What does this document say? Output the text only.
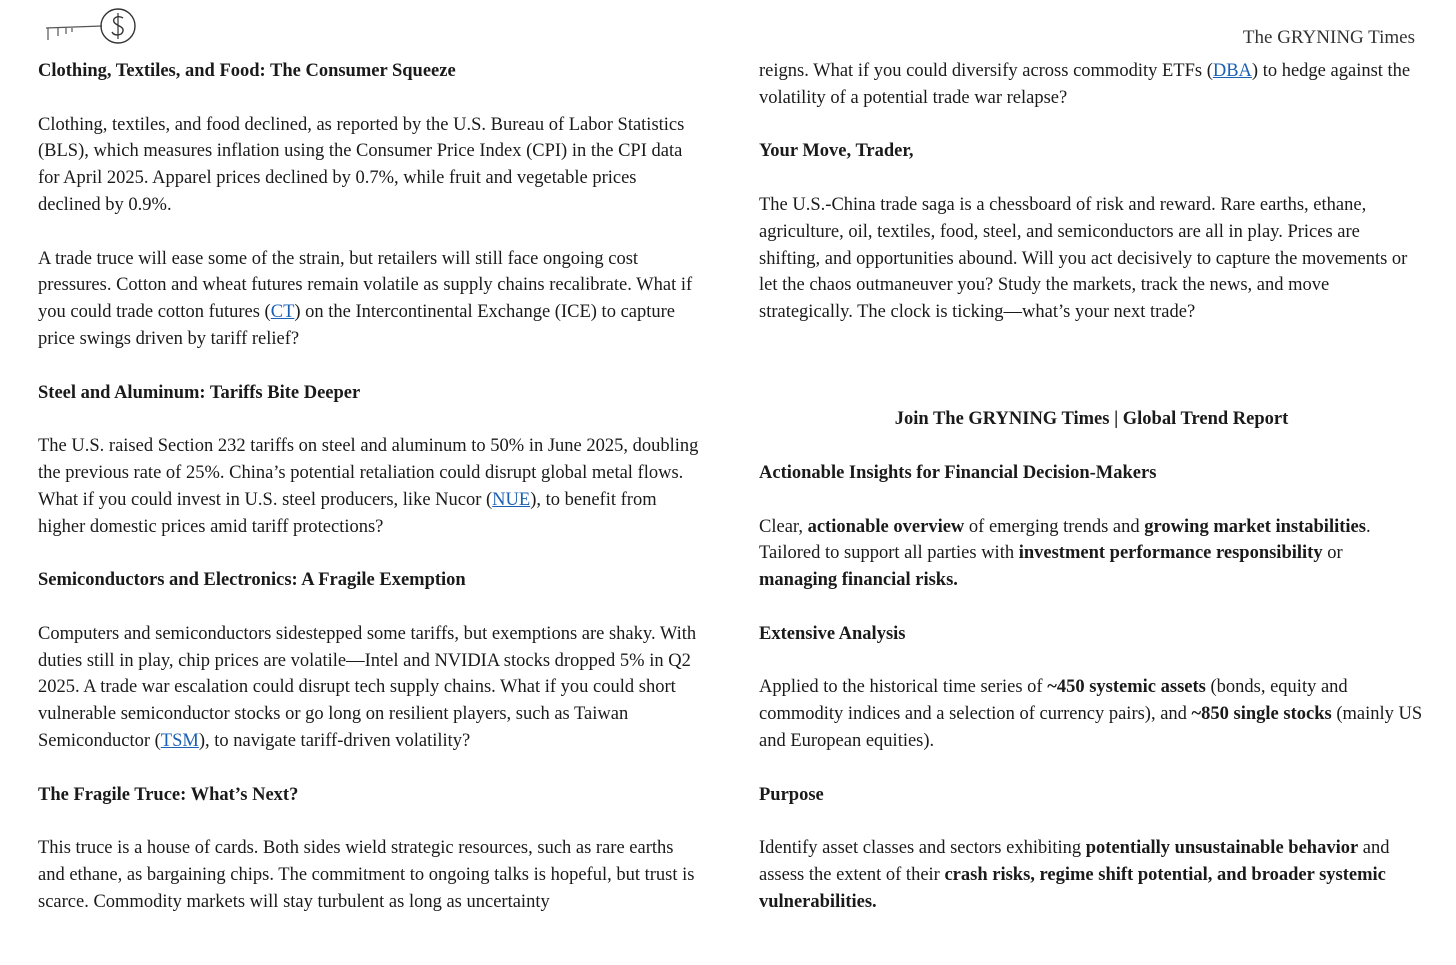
The GRYNING Times

Clothing, Textiles, and Food: The Consumer Squeeze

Clothing, textiles, and food declined, as reported by the U.S. Bureau of Labor Statistics (BLS), which measures inflation using the Consumer Price Index (CPI) in the CPI data for April 2025. Apparel prices declined by 0.7%, while fruit and vegetable prices declined by 0.9%.

A trade truce will ease some of the strain, but retailers will still face ongoing cost pressures. Cotton and wheat futures remain volatile as supply chains recalibrate. What if you could trade cotton futures (CT) on the Intercontinental Exchange (ICE) to capture price swings driven by tariff relief?

Steel and Aluminum: Tariffs Bite Deeper

The U.S. raised Section 232 tariffs on steel and aluminum to 50% in June 2025, doubling the previous rate of 25%. China’s potential retaliation could disrupt global metal flows. What if you could invest in U.S. steel producers, like Nucor (NUE), to benefit from higher domestic prices amid tariff protections?

Semiconductors and Electronics: A Fragile Exemption

Computers and semiconductors sidestepped some tariffs, but exemptions are shaky. With duties still in play, chip prices are volatile—Intel and NVIDIA stocks dropped 5% in Q2 2025. A trade war escalation could disrupt tech supply chains. What if you could short vulnerable semiconductor stocks or go long on resilient players, such as Taiwan Semiconductor (TSM), to navigate tariff-driven volatility?

The Fragile Truce: What’s Next?

This truce is a house of cards. Both sides wield strategic resources, such as rare earths and ethane, as bargaining chips. The commitment to ongoing talks is hopeful, but trust is scarce. Commodity markets will stay turbulent as long as uncertainty

reigns. What if you could diversify across commodity ETFs (DBA) to hedge against the volatility of a potential trade war relapse?

Your Move, Trader,

The U.S.-China trade saga is a chessboard of risk and reward. Rare earths, ethane, agriculture, oil, textiles, food, steel, and semiconductors are all in play. Prices are shifting, and opportunities abound. Will you act decisively to capture the movements or let the chaos outmaneuver you? Study the markets, track the news, and move strategically. The clock is ticking—what’s your next trade?

Join The GRYNING Times | Global Trend Report

Actionable Insights for Financial Decision-Makers

Clear, actionable overview of emerging trends and growing market instabilities. Tailored to support all parties with investment performance responsibility or managing financial risks.

Extensive Analysis

Applied to the historical time series of ~450 systemic assets (bonds, equity and commodity indices and a selection of currency pairs), and ~850 single stocks (mainly US and European equities).

Purpose

Identify asset classes and sectors exhibiting potentially unsustainable behavior and assess the extent of their crash risks, regime shift potential, and broader systemic vulnerabilities.
